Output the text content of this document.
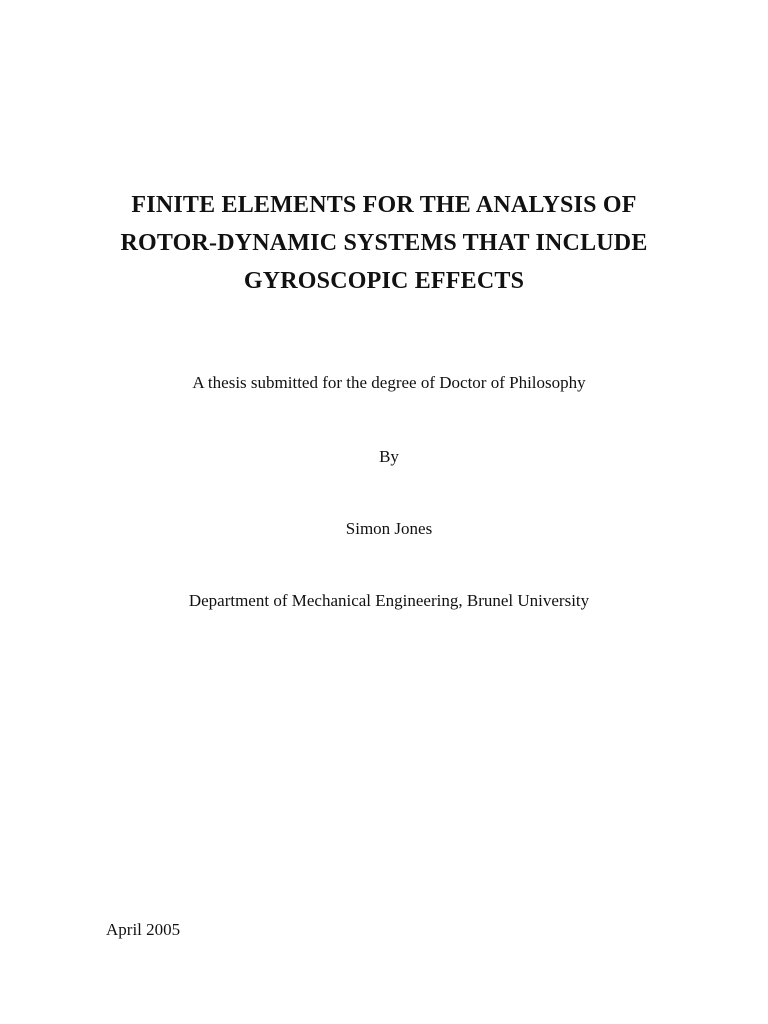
FINITE ELEMENTS FOR THE ANALYSIS OF
ROTOR-DYNAMIC SYSTEMS THAT INCLUDE
GYROSCOPIC EFFECTS
A thesis submitted for the degree of Doctor of Philosophy
By
Simon Jones
Department of Mechanical Engineering, Brunel University
April 2005
